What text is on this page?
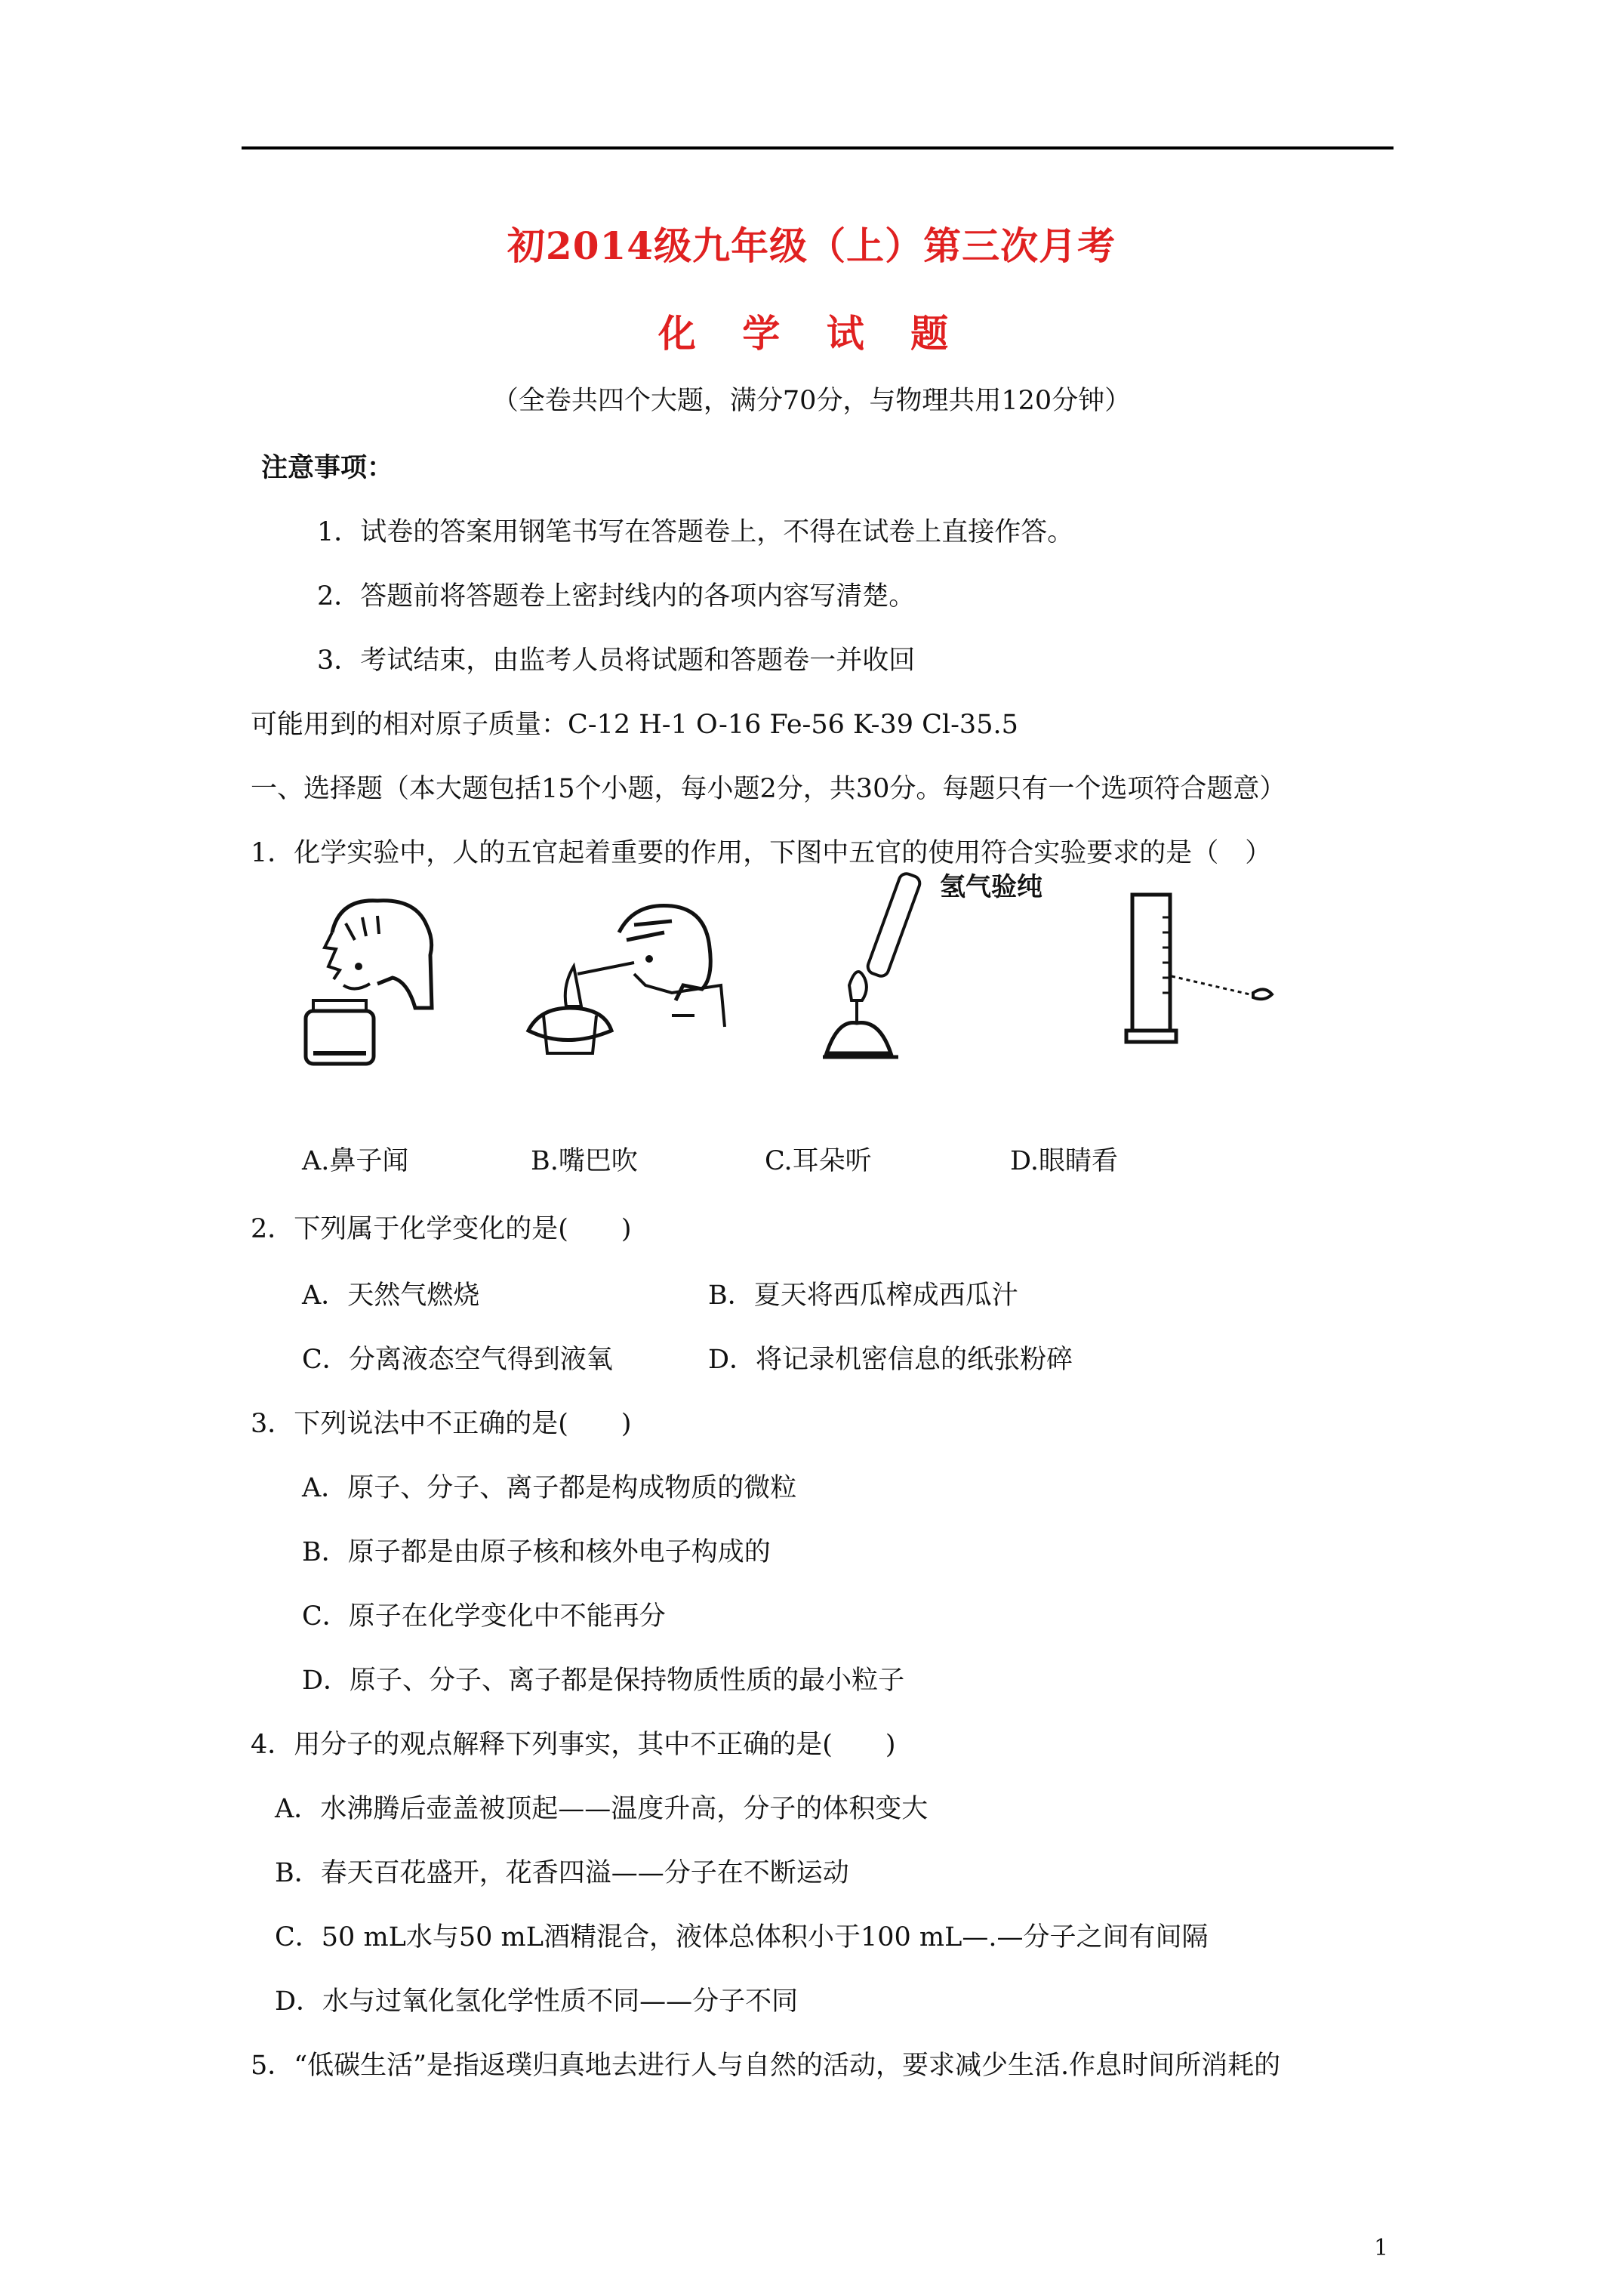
初2014级九年级（上）第三次月考
化 学 试 题
（全卷共四个大题，满分70分，与物理共用120分钟）
注意事项：
1．试卷的答案用钢笔书写在答题卷上，不得在试卷上直接作答。
2．答题前将答题卷上密封线内的各项内容写清楚。
3．考试结束，由监考人员将试题和答题卷一并收回
可能用到的相对原子质量：C-12 H-1 O-16 Fe-56 K-39 Cl-35.5
一、选择题（本大题包括15个小题，每小题2分，共30分。每题只有一个选项符合题意）
1．化学实验中，人的五官起着重要的作用，下图中五官的使用符合实验要求的是（　）
氢气验纯
A.鼻子闻	B.嘴巴吹	C.耳朵听	D.眼睛看
2．下列属于化学变化的是(　　)
A．天然气燃烧	B．夏天将西瓜榨成西瓜汁
C．分离液态空气得到液氧	D．将记录机密信息的纸张粉碎
3．下列说法中不正确的是(　　)
A．原子、分子、离子都是构成物质的微粒
B．原子都是由原子核和核外电子构成的
C．原子在化学变化中不能再分
D．原子、分子、离子都是保持物质性质的最小粒子
4．用分子的观点解释下列事实，其中不正确的是(　　)
A．水沸腾后壶盖被顶起——温度升高，分子的体积变大
B．春天百花盛开，花香四溢——分子在不断运动
C．50 mL水与50 mL酒精混合，液体总体积小于100 mL—.—分子之间有间隔
D．水与过氧化氢化学性质不同——分子不同
5．“低碳生活”是指返璞归真地去进行人与自然的活动，要求减少生活.作息时间所消耗的
1
